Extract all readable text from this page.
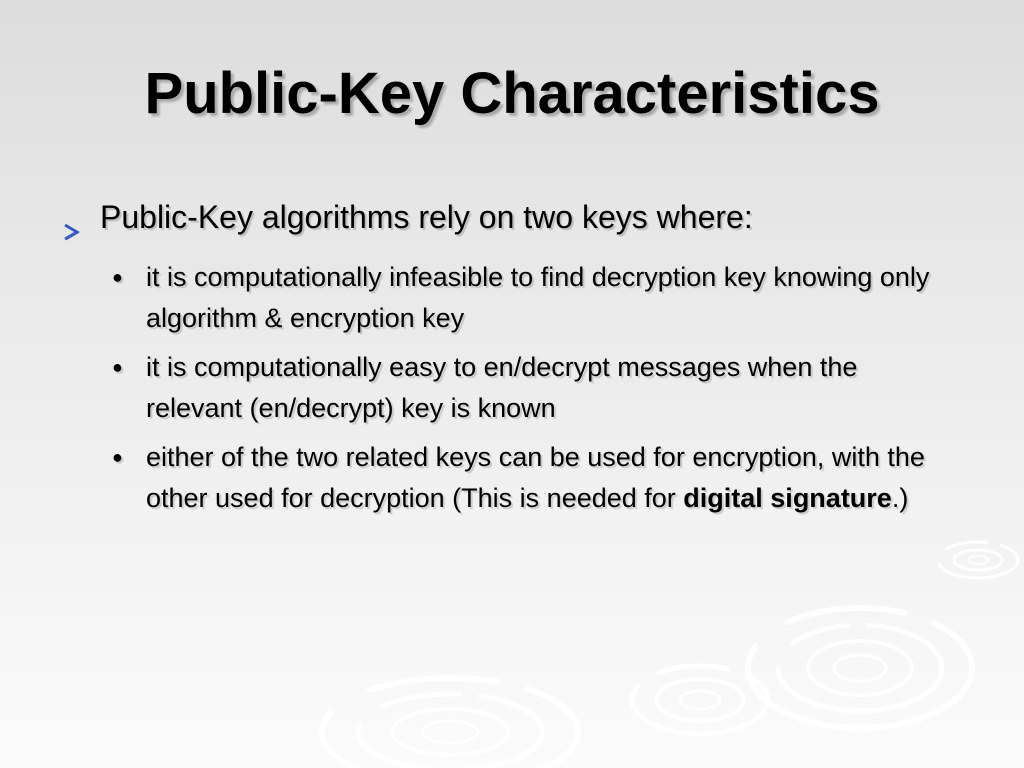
Public-Key Characteristics
Public-Key algorithms rely on two keys where:
● it is computationally infeasible to find decryption key knowing only algorithm & encryption key
● it is computationally easy to en/decrypt messages when the relevant (en/decrypt) key is known
● either of the two related keys can be used for encryption, with the other used for decryption (This is needed for digital signature.)
